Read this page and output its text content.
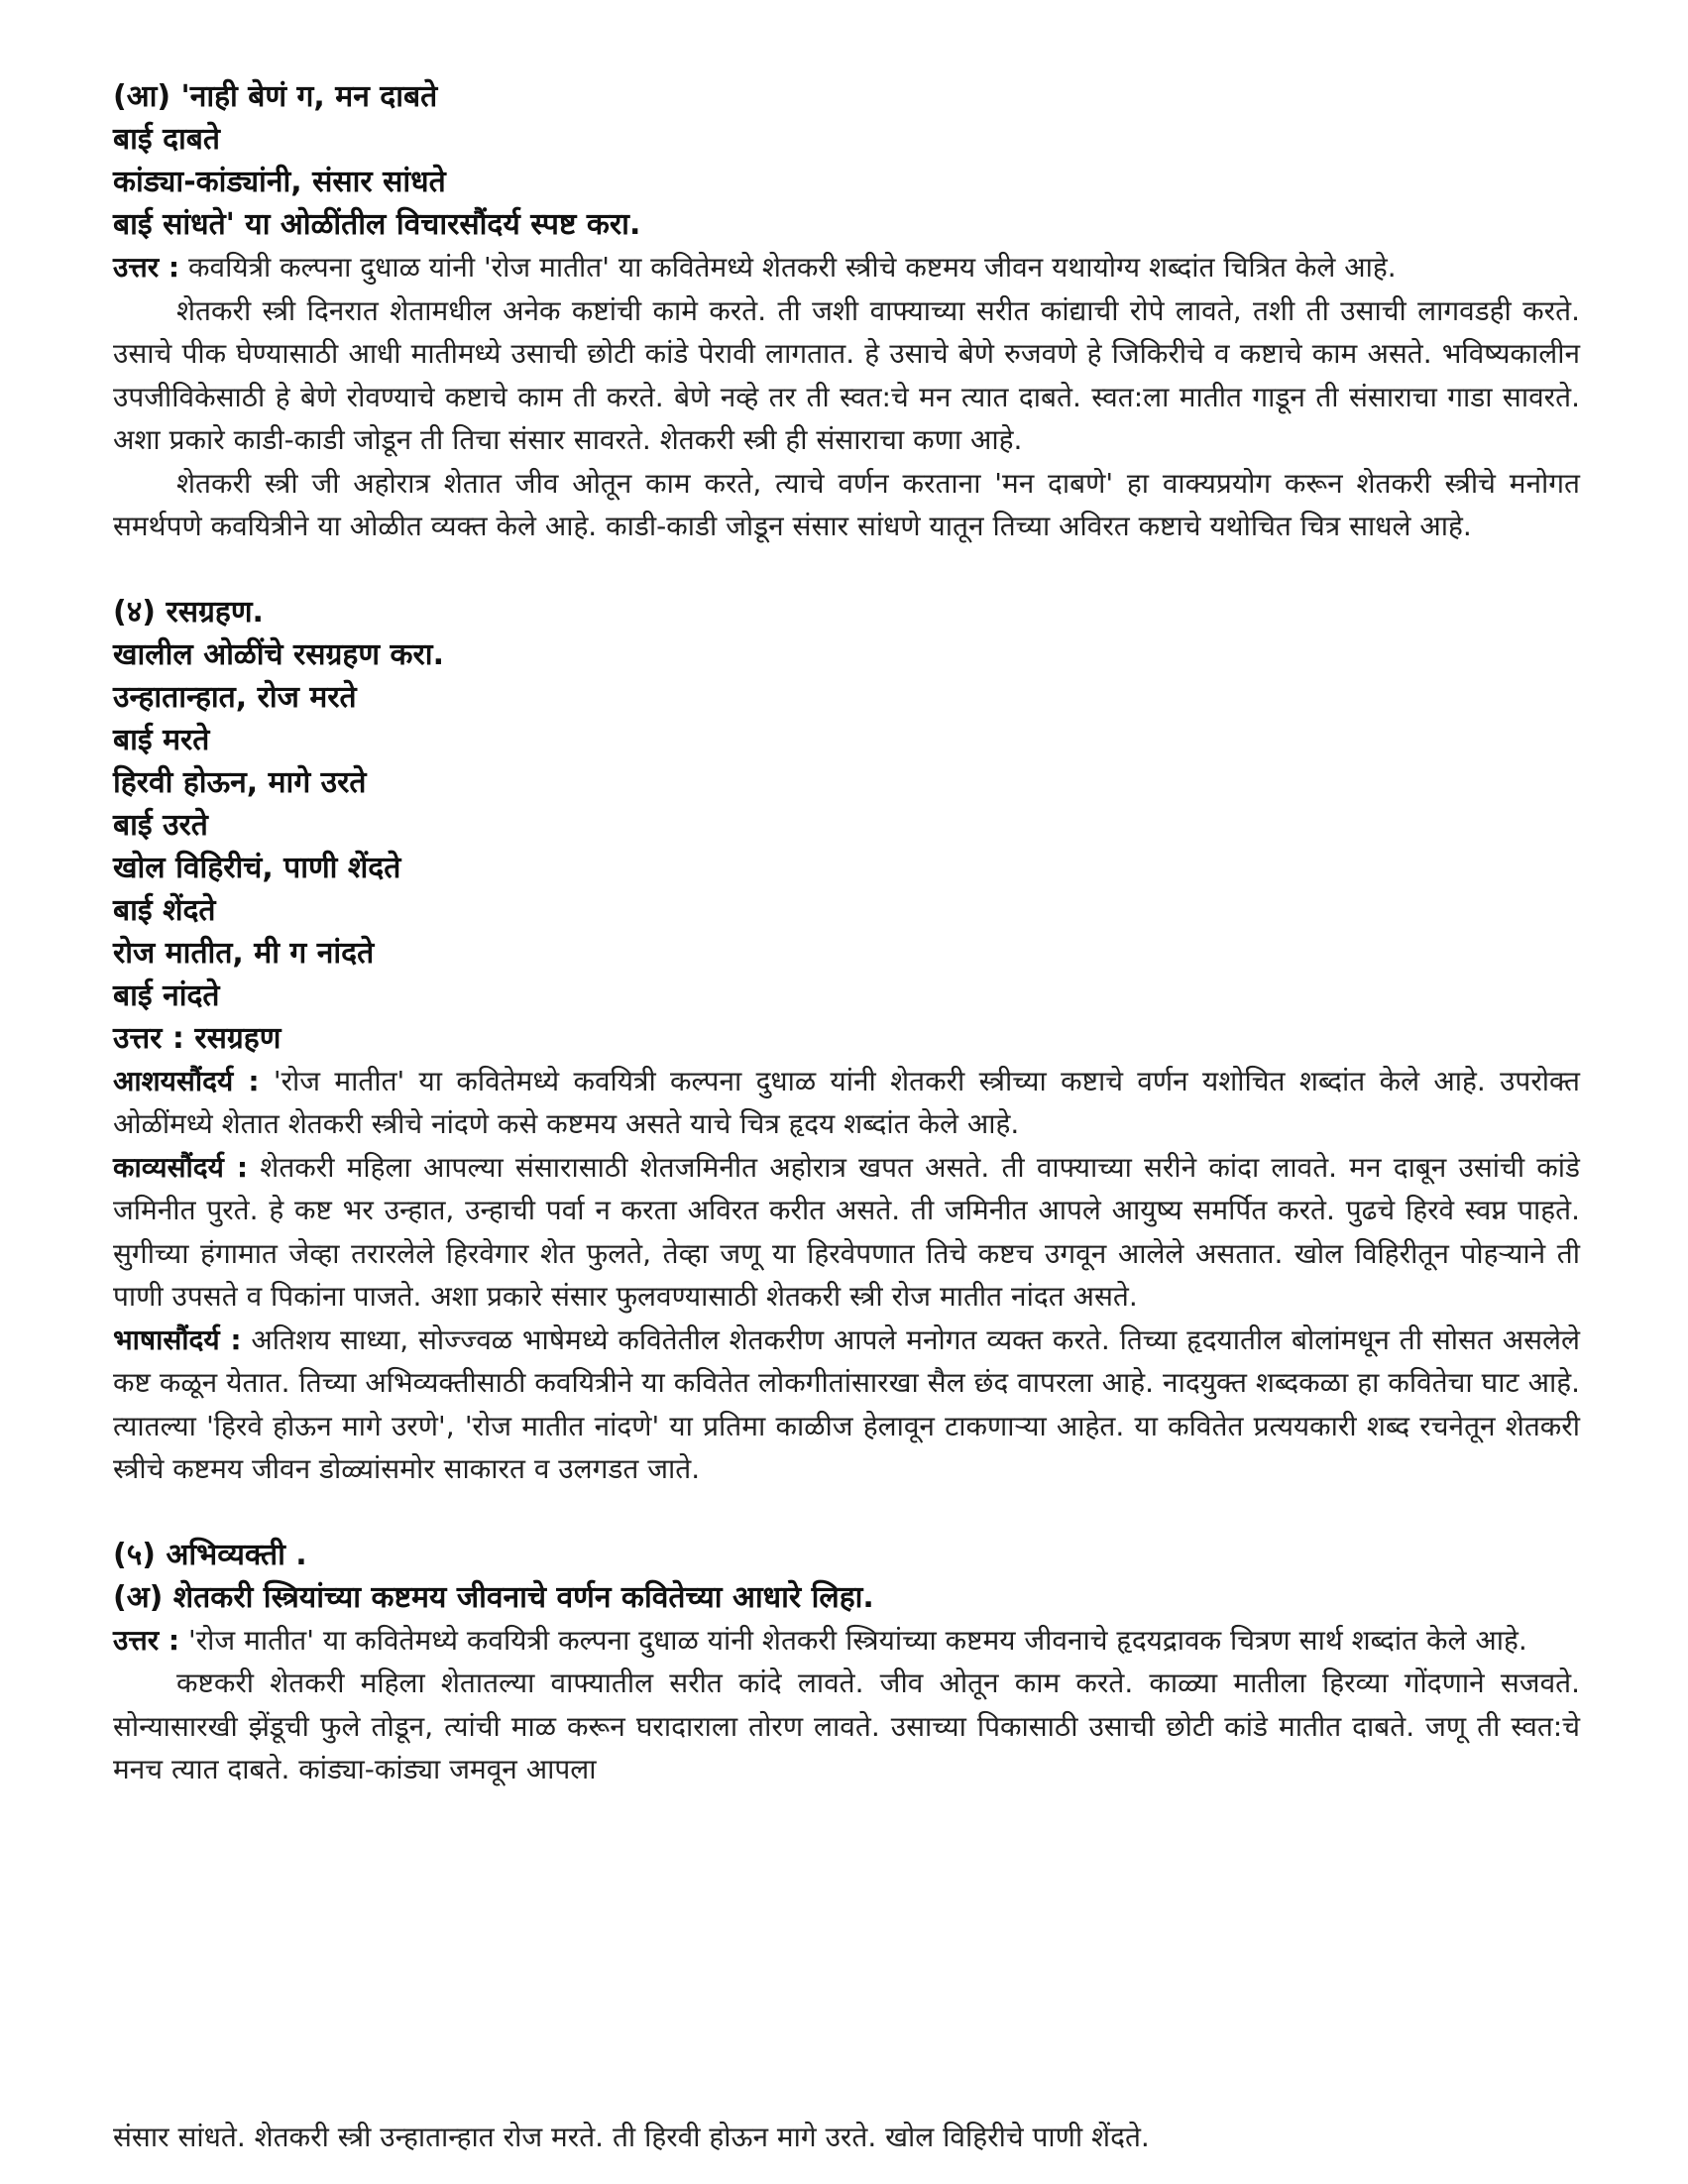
(आ) 'नाही बेणं ग, मन दाबते
बाई दाबते
कांड्या-कांड्यांनी, संसार सांधते
बाई सांधते' या ओळींतील विचारसौंदर्य स्पष्ट करा.

उत्तर : कवयित्री कल्पना दुधाळ यांनी 'रोज मातीत' या कवितेमध्ये शेतकरी स्त्रीचे कष्टमय जीवन यथायोग्य शब्दांत चित्रित केले आहे.

शेतकरी स्त्री दिनरात शेतामधील अनेक कष्टांची कामे करते. ती जशी वाफ्याच्या सरीत कांद्याची रोपे लावते, तशी ती उसाची लागवडही करते. उसाचे पीक घेण्यासाठी आधी मातीमध्ये उसाची छोटी कांडे पेरावी लागतात. हे उसाचे बेणे रुजवणे हे जिकिरीचे व कष्टाचे काम असते. भविष्यकालीन उपजीविकेसाठी हे बेणे रोवण्याचे कष्टाचे काम ती करते. बेणे नव्हे तर ती स्वत:चे मन त्यात दाबते. स्वत:ला मातीत गाडून ती संसाराचा गाडा सावरते. अशा प्रकारे काडी-काडी जोडून ती तिचा संसार सावरते. शेतकरी स्त्री ही संसाराचा कणा आहे.

शेतकरी स्त्री जी अहोरात्र शेतात जीव ओतून काम करते, त्याचे वर्णन करताना 'मन दाबणे' हा वाक्यप्रयोग करून शेतकरी स्त्रीचे मनोगत समर्थपणे कवयित्रीने या ओळीत व्यक्त केले आहे. काडी-काडी जोडून संसार सांधणे यातून तिच्या अविरत कष्टाचे यथोचित चित्र साधले आहे.

(४) रसग्रहण.
खालील ओळींचे रसग्रहण करा.
उन्हातान्हात, रोज मरते
बाई मरते
हिरवी होऊन, मागे उरते
बाई उरते
खोल विहिरीचं, पाणी शेंदते
बाई शेंदते
रोज मातीत, मी ग नांदते
बाई नांदते
उत्तर : रसग्रहण

आशयसौंदर्य : 'रोज मातीत' या कवितेमध्ये कवयित्री कल्पना दुधाळ यांनी शेतकरी स्त्रीच्या कष्टाचे वर्णन यशोचित शब्दांत केले आहे. उपरोक्त ओळींमध्ये शेतात शेतकरी स्त्रीचे नांदणे कसे कष्टमय असते याचे चित्र हृदय शब्दांत केले आहे.

काव्यसौंदर्य : शेतकरी महिला आपल्या संसारासाठी शेतजमिनीत अहोरात्र खपत असते. ती वाफ्याच्या सरीने कांदा लावते. मन दाबून उसांची कांडे जमिनीत पुरते. हे कष्ट भर उन्हात, उन्हाची पर्वा न करता अविरत करीत असते. ती जमिनीत आपले आयुष्य समर्पित करते. पुढचे हिरवे स्वप्न पाहते. सुगीच्या हंगामात जेव्हा तरारलेले हिरवेगार शेत फुलते, तेव्हा जणू या हिरवेपणात तिचे कष्टच उगवून आलेले असतात. खोल विहिरीतून पोहऱ्याने ती पाणी उपसते व पिकांना पाजते. अशा प्रकारे संसार फुलवण्यासाठी शेतकरी स्त्री रोज मातीत नांदत असते.

भाषासौंदर्य : अतिशय साध्या, सोज्ज्वळ भाषेमध्ये कवितेतील शेतकरीण आपले मनोगत व्यक्त करते. तिच्या हृदयातील बोलांमधून ती सोसत असलेले कष्ट कळून येतात. तिच्या अभिव्यक्तीसाठी कवयित्रीने या कवितेत लोकगीतांसारखा सैल छंद वापरला आहे. नादयुक्त शब्दकळा हा कवितेचा घाट आहे. त्यातल्या 'हिरवे होऊन मागे उरणे', 'रोज मातीत नांदणे' या प्रतिमा काळीज हेलावून टाकणाऱ्या आहेत. या कवितेत प्रत्ययकारी शब्द रचनेतून शेतकरी स्त्रीचे कष्टमय जीवन डोळ्यांसमोर साकारत व उलगडत जाते.

(५) अभिव्यक्ती .
(अ) शेतकरी स्त्रियांच्या कष्टमय जीवनाचे वर्णन कवितेच्या आधारे लिहा.

उत्तर : 'रोज मातीत' या कवितेमध्ये कवयित्री कल्पना दुधाळ यांनी शेतकरी स्त्रियांच्या कष्टमय जीवनाचे हृदयद्रावक चित्रण सार्थ शब्दांत केले आहे.

कष्टकरी शेतकरी महिला शेतातल्या वाफ्यातील सरीत कांदे लावते. जीव ओतून काम करते. काळ्या मातीला हिरव्या गोंदणाने सजवते. सोन्यासारखी झेंडूची फुले तोडून, त्यांची माळ करून घरादाराला तोरण लावते. उसाच्या पिकासाठी उसाची छोटी कांडे मातीत दाबते. जणू ती स्वत:चे मनच त्यात दाबते. कांड्या-कांड्या जमवून आपला

संसार सांधते. शेतकरी स्त्री उन्हातान्हात रोज मरते. ती हिरवी होऊन मागे उरते. खोल विहिरीचे पाणी शेंदते.
